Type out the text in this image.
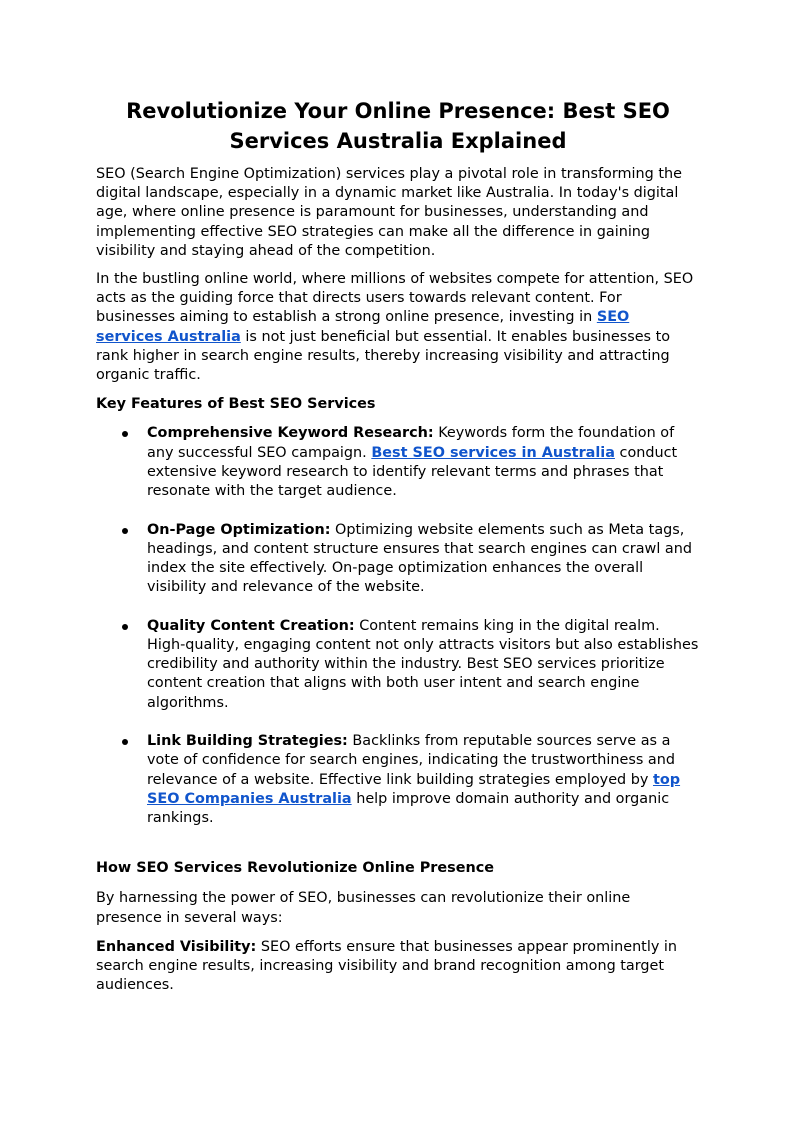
Revolutionize Your Online Presence: Best SEO Services Australia Explained

SEO (Search Engine Optimization) services play a pivotal role in transforming the digital landscape, especially in a dynamic market like Australia. In today's digital age, where online presence is paramount for businesses, understanding and implementing effective SEO strategies can make all the difference in gaining visibility and staying ahead of the competition.

In the bustling online world, where millions of websites compete for attention, SEO acts as the guiding force that directs users towards relevant content. For businesses aiming to establish a strong online presence, investing in SEO services Australia is not just beneficial but essential. It enables businesses to rank higher in search engine results, thereby increasing visibility and attracting organic traffic.

Key Features of Best SEO Services
Comprehensive Keyword Research: Keywords form the foundation of any successful SEO campaign. Best SEO services in Australia conduct extensive keyword research to identify relevant terms and phrases that resonate with the target audience.
On-Page Optimization: Optimizing website elements such as Meta tags, headings, and content structure ensures that search engines can crawl and index the site effectively. On-page optimization enhances the overall visibility and relevance of the website.
Quality Content Creation: Content remains king in the digital realm. High-quality, engaging content not only attracts visitors but also establishes credibility and authority within the industry. Best SEO services prioritize content creation that aligns with both user intent and search engine algorithms.
Link Building Strategies: Backlinks from reputable sources serve as a vote of confidence for search engines, indicating the trustworthiness and relevance of a website. Effective link building strategies employed by top SEO Companies Australia help improve domain authority and organic rankings.
How SEO Services Revolutionize Online Presence

By harnessing the power of SEO, businesses can revolutionize their online presence in several ways:

Enhanced Visibility: SEO efforts ensure that businesses appear prominently in search engine results, increasing visibility and brand recognition among target audiences.
